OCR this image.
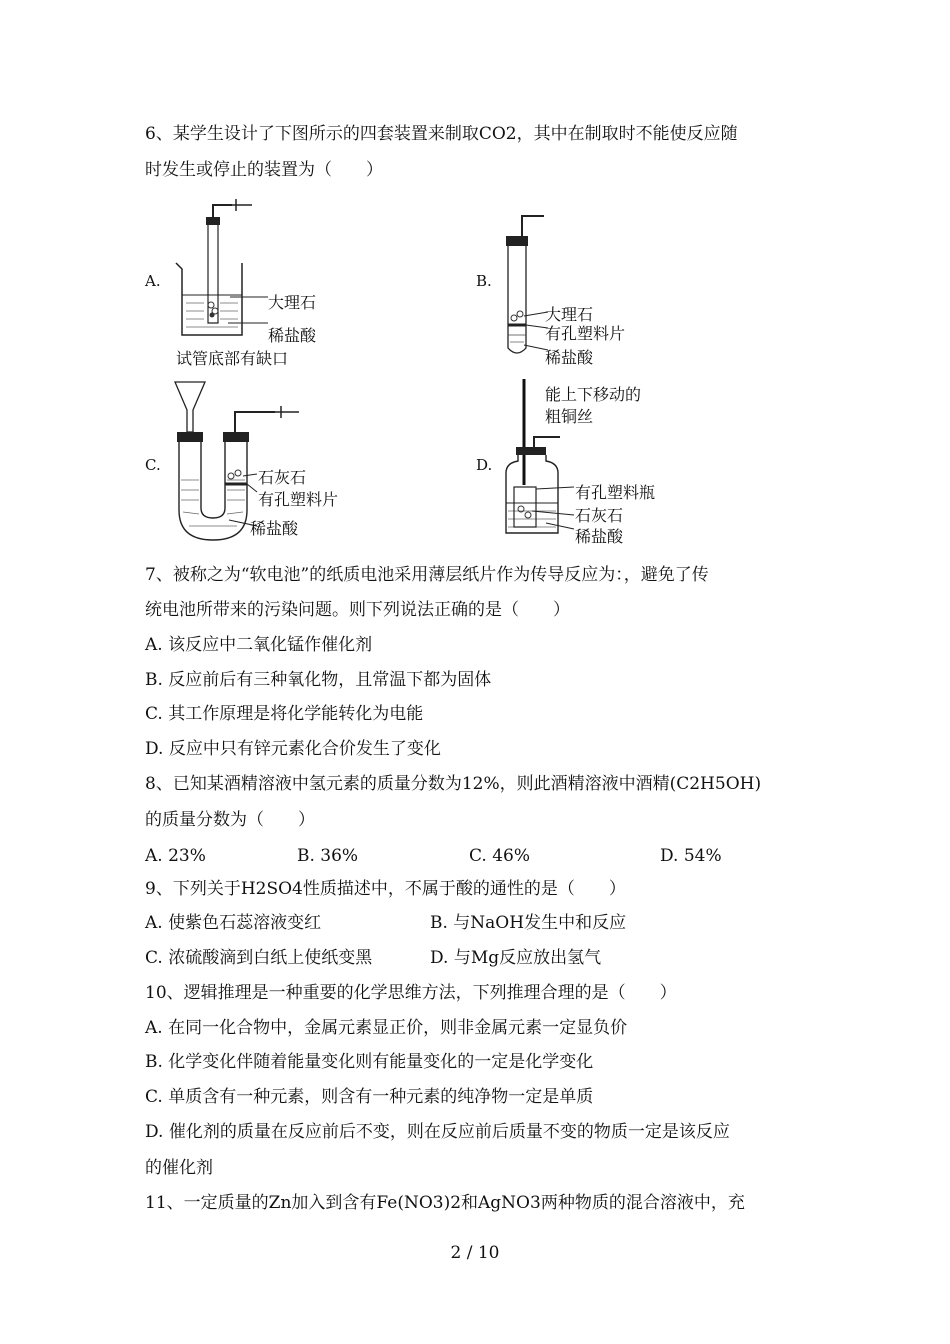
6、某学生设计了下图所示的四套装置来制取CO2，其中在制取时不能使反应随
时发生或停止的装置为（　　）
A.
大理石
稀盐酸
试管底部有缺口
B.
大理石
有孔塑料片
稀盐酸
C.
石灰石
有孔塑料片
稀盐酸
D.
能上下移动的
粗铜丝
有孔塑料瓶
石灰石
稀盐酸
7、被称之为“软电池”的纸质电池采用薄层纸片作为传导反应为：，避免了传
统电池所带来的污染问题。则下列说法正确的是（　　）
A. 该反应中二氧化锰作催化剂
B. 反应前后有三种氧化物，且常温下都为固体
C. 其工作原理是将化学能转化为电能
D. 反应中只有锌元素化合价发生了变化
8、已知某酒精溶液中氢元素的质量分数为12%，则此酒精溶液中酒精(C2H5OH)
的质量分数为（　　）
A. 23%	B. 36%	C. 46%	D. 54%
9、下列关于H2SO4性质描述中，不属于酸的通性的是（　　）
A. 使紫色石蕊溶液变红	B. 与NaOH发生中和反应
C. 浓硫酸滴到白纸上使纸变黑	D. 与Mg反应放出氢气
10、逻辑推理是一种重要的化学思维方法，下列推理合理的是（　　）
A. 在同一化合物中，金属元素显正价，则非金属元素一定显负价
B. 化学变化伴随着能量变化则有能量变化的一定是化学变化
C. 单质含有一种元素，则含有一种元素的纯净物一定是单质
D. 催化剂的质量在反应前后不变，则在反应前后质量不变的物质一定是该反应
的催化剂
11、一定质量的Zn加入到含有Fe(NO3)2和AgNO3两种物质的混合溶液中，充
2 / 10
